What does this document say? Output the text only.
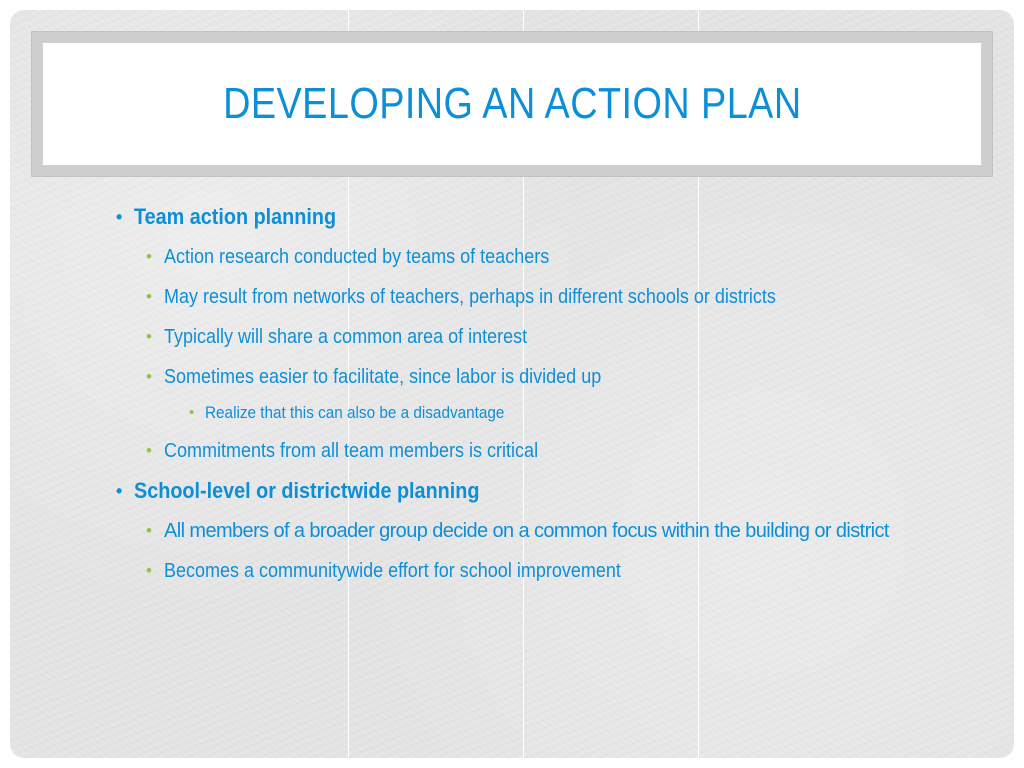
DEVELOPING AN ACTION PLAN
• Team action planning
• Action research conducted by teams of teachers
• May result from networks of teachers, perhaps in different schools or districts
• Typically will share a common area of interest
• Sometimes easier to facilitate, since labor is divided up
• Realize that this can also be a disadvantage
• Commitments from all team members is critical
• School-level or districtwide planning
• All members of a broader group decide on a common focus within the building or district
• Becomes a communitywide effort for school improvement
